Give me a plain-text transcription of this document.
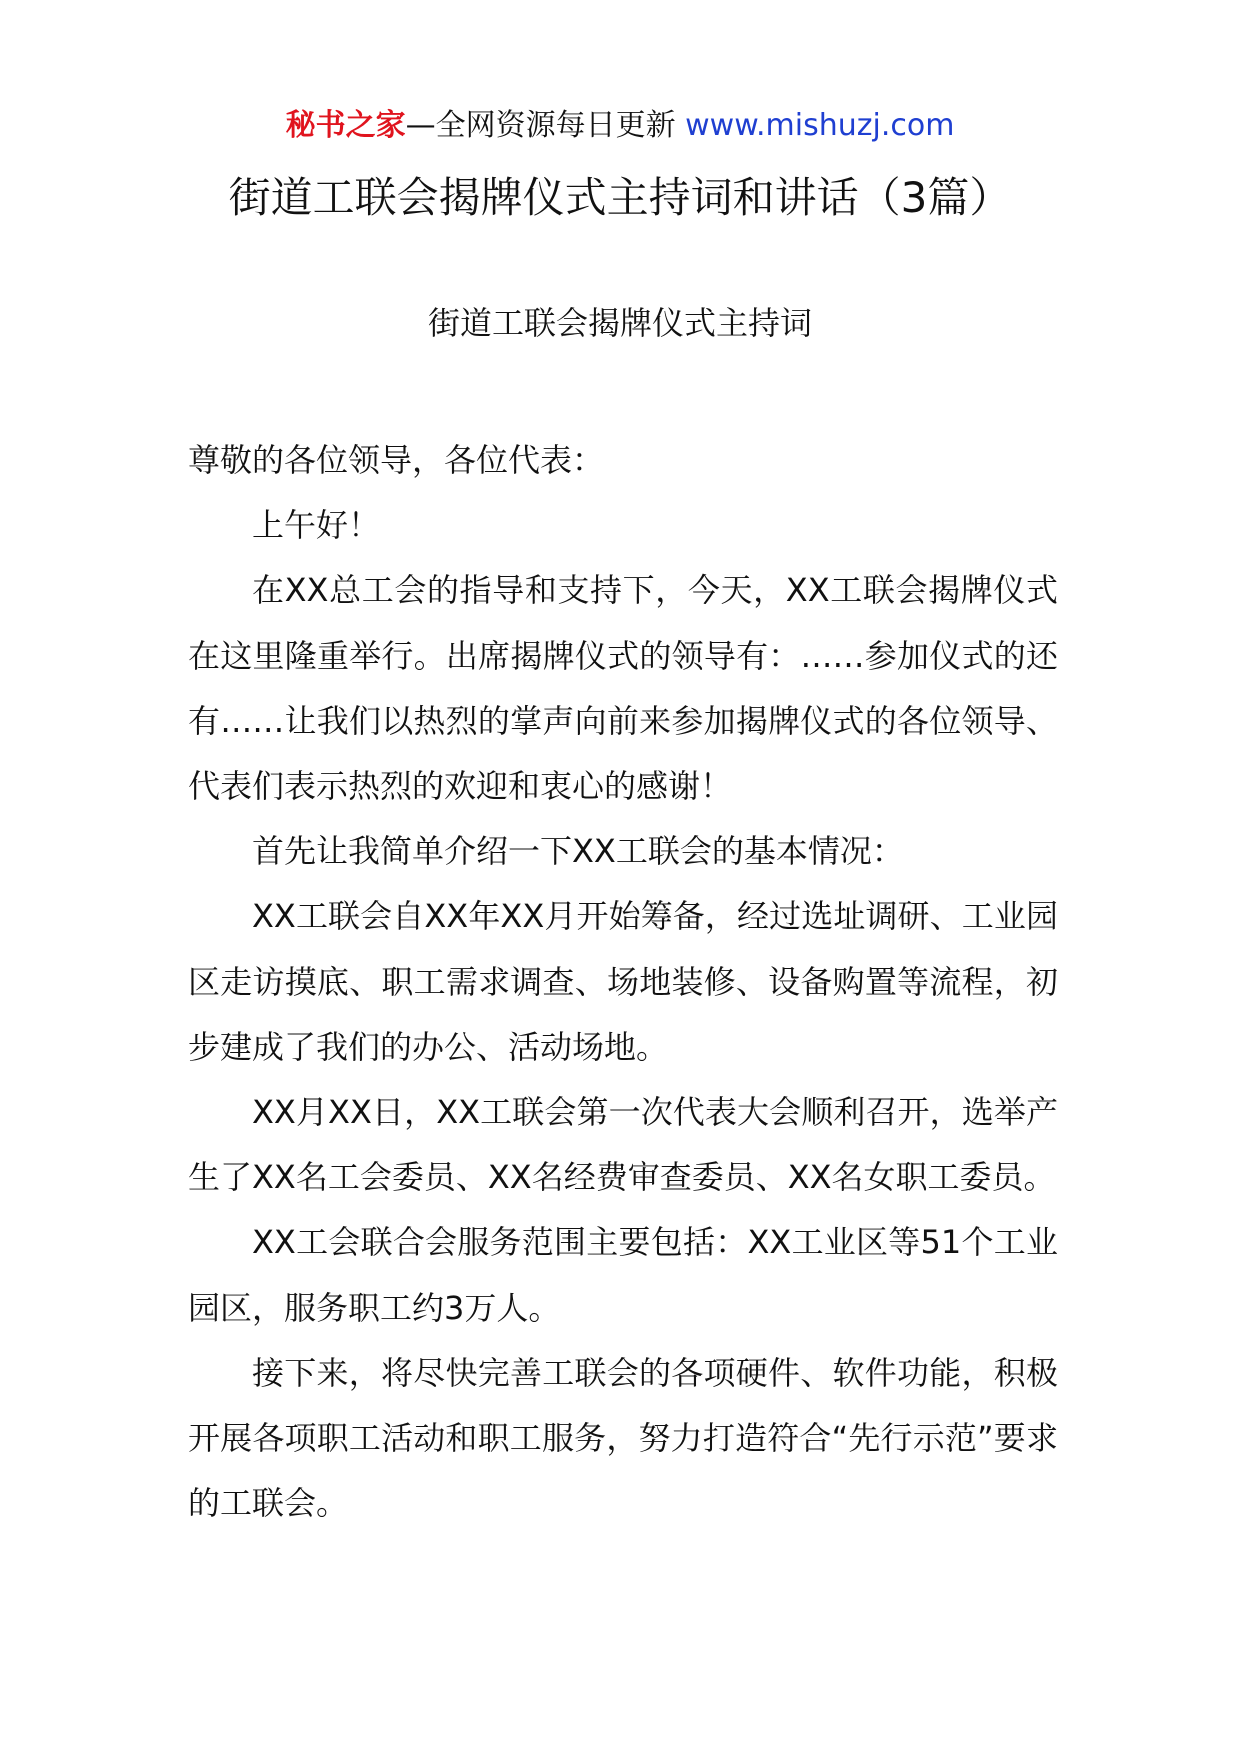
秘书之家—全网资源每日更新 www.mishuzj.com
街道工联会揭牌仪式主持词和讲话（3篇）
街道工联会揭牌仪式主持词

尊敬的各位领导，各位代表：

上午好！

在XX总工会的指导和支持下，今天，XX工联会揭牌仪式在这里隆重举行。出席揭牌仪式的领导有：……参加仪式的还有……让我们以热烈的掌声向前来参加揭牌仪式的各位领导、代表们表示热烈的欢迎和衷心的感谢！

首先让我简单介绍一下XX工联会的基本情况：

XX工联会自XX年XX月开始筹备，经过选址调研、工业园区走访摸底、职工需求调查、场地装修、设备购置等流程，初步建成了我们的办公、活动场地。

XX月XX日，XX工联会第一次代表大会顺利召开，选举产生了XX名工会委员、XX名经费审查委员、XX名女职工委员。

XX工会联合会服务范围主要包括：XX工业区等51个工业园区，服务职工约3万人。

接下来，将尽快完善工联会的各项硬件、软件功能，积极开展各项职工活动和职工服务，努力打造符合“先行示范”要求的工联会。
